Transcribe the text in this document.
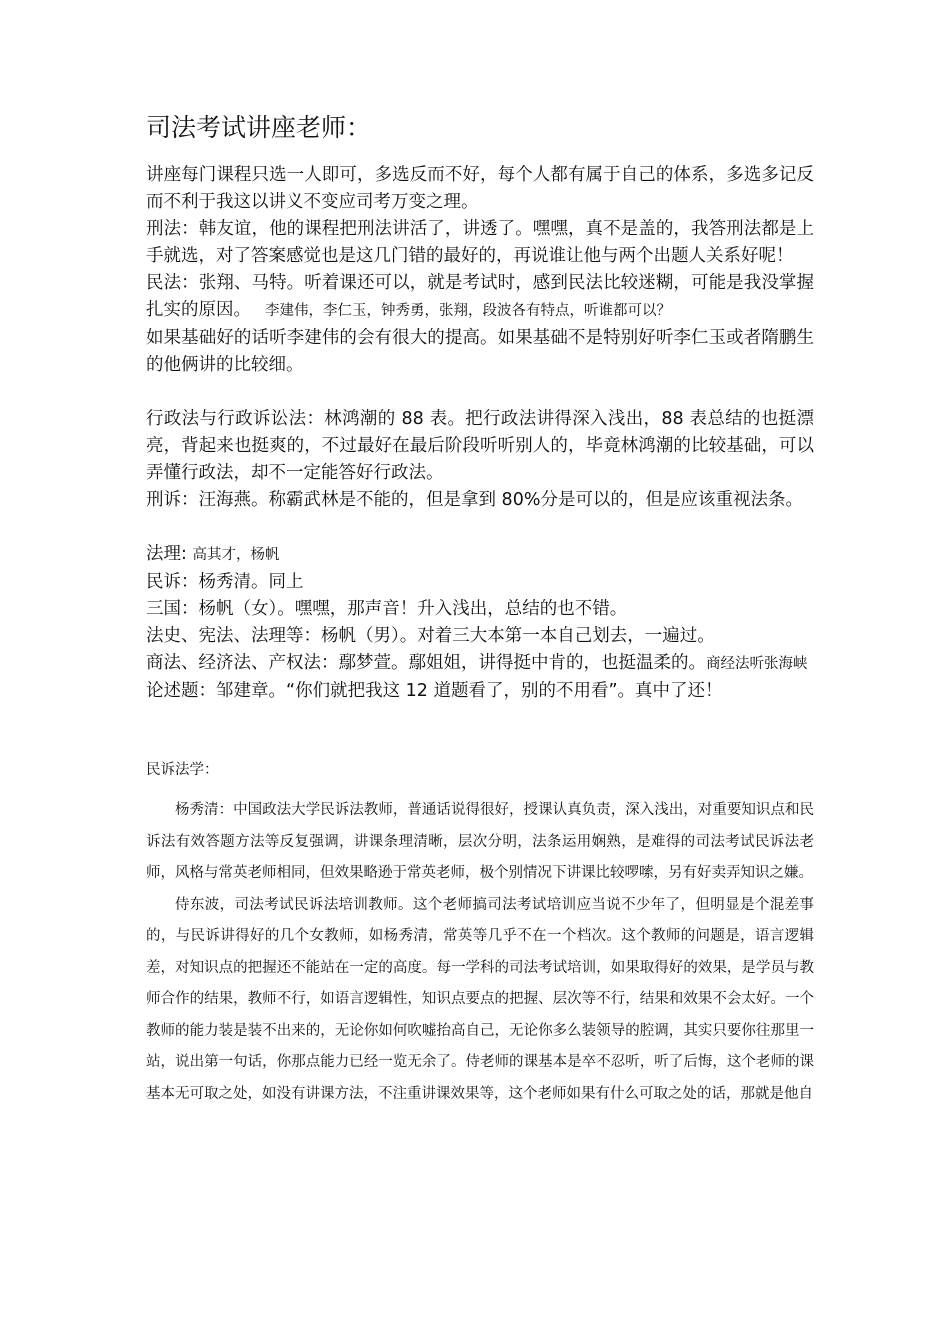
司法考试讲座老师：

讲座每门课程只选一人即可，多选反而不好，每个人都有属于自己的体系，多选多记反而不利于我这以讲义不变应司考万变之理。

刑法：韩友谊，他的课程把刑法讲活了，讲透了。嘿嘿，真不是盖的，我答刑法都是上手就选，对了答案感觉也是这几门错的最好的，再说谁让他与两个出题人关系好呢！

民法：张翔、马特。听着课还可以，就是考试时，感到民法比较迷糊，可能是我没掌握扎实的原因。 李建伟，李仁玉，钟秀勇，张翔，段波各有特点，听谁都可以？

如果基础好的话听李建伟的会有很大的提高。如果基础不是特别好听李仁玉或者隋鹏生的他俩讲的比较细。

行政法与行政诉讼法：林鸿潮的 88 表。把行政法讲得深入浅出，88 表总结的也挺漂亮，背起来也挺爽的，不过最好在最后阶段听听别人的，毕竟林鸿潮的比较基础，可以弄懂行政法，却不一定能答好行政法。

刑诉：汪海燕。称霸武林是不能的，但是拿到 80%分是可以的，但是应该重视法条。

法理: 高其才，杨帆

民诉：杨秀清。同上

三国：杨帆（女）。嘿嘿，那声音！升入浅出，总结的也不错。

法史、宪法、法理等：杨帆（男）。对着三大本第一本自己划去，一遍过。

商法、经济法、产权法：鄢梦萱。鄢姐姐，讲得挺中肯的，也挺温柔的。商经法听张海峡

论述题：邹建章。“你们就把我这 12 道题看了，别的不用看”。真中了还！

民诉法学：

杨秀清：中国政法大学民诉法教师，普通话说得很好，授课认真负责，深入浅出，对重要知识点和民诉法有效答题方法等反复强调，讲课条理清晰，层次分明，法条运用娴熟，是难得的司法考试民诉法老师，风格与常英老师相同，但效果略逊于常英老师，极个别情况下讲课比较啰嗦，另有好卖弄知识之嫌。

侍东波，司法考试民诉法培训教师。这个老师搞司法考试培训应当说不少年了，但明显是个混差事的，与民诉讲得好的几个女教师，如杨秀清，常英等几乎不在一个档次。这个教师的问题是，语言逻辑差，对知识点的把握还不能站在一定的高度。每一学科的司法考试培训，如果取得好的效果，是学员与教师合作的结果，教师不行，如语言逻辑性，知识点要点的把握、层次等不行，结果和效果不会太好。一个教师的能力装是装不出来的，无论你如何吹嘘抬高自己，无论你多么装领导的腔调，其实只要你往那里一站，说出第一句话，你那点能力已经一览无余了。侍老师的课基本是卒不忍听，听了后悔，这个老师的课基本无可取之处，如没有讲课方法，不注重讲课效果等，这个老师如果有什么可取之处的话，那就是他自
